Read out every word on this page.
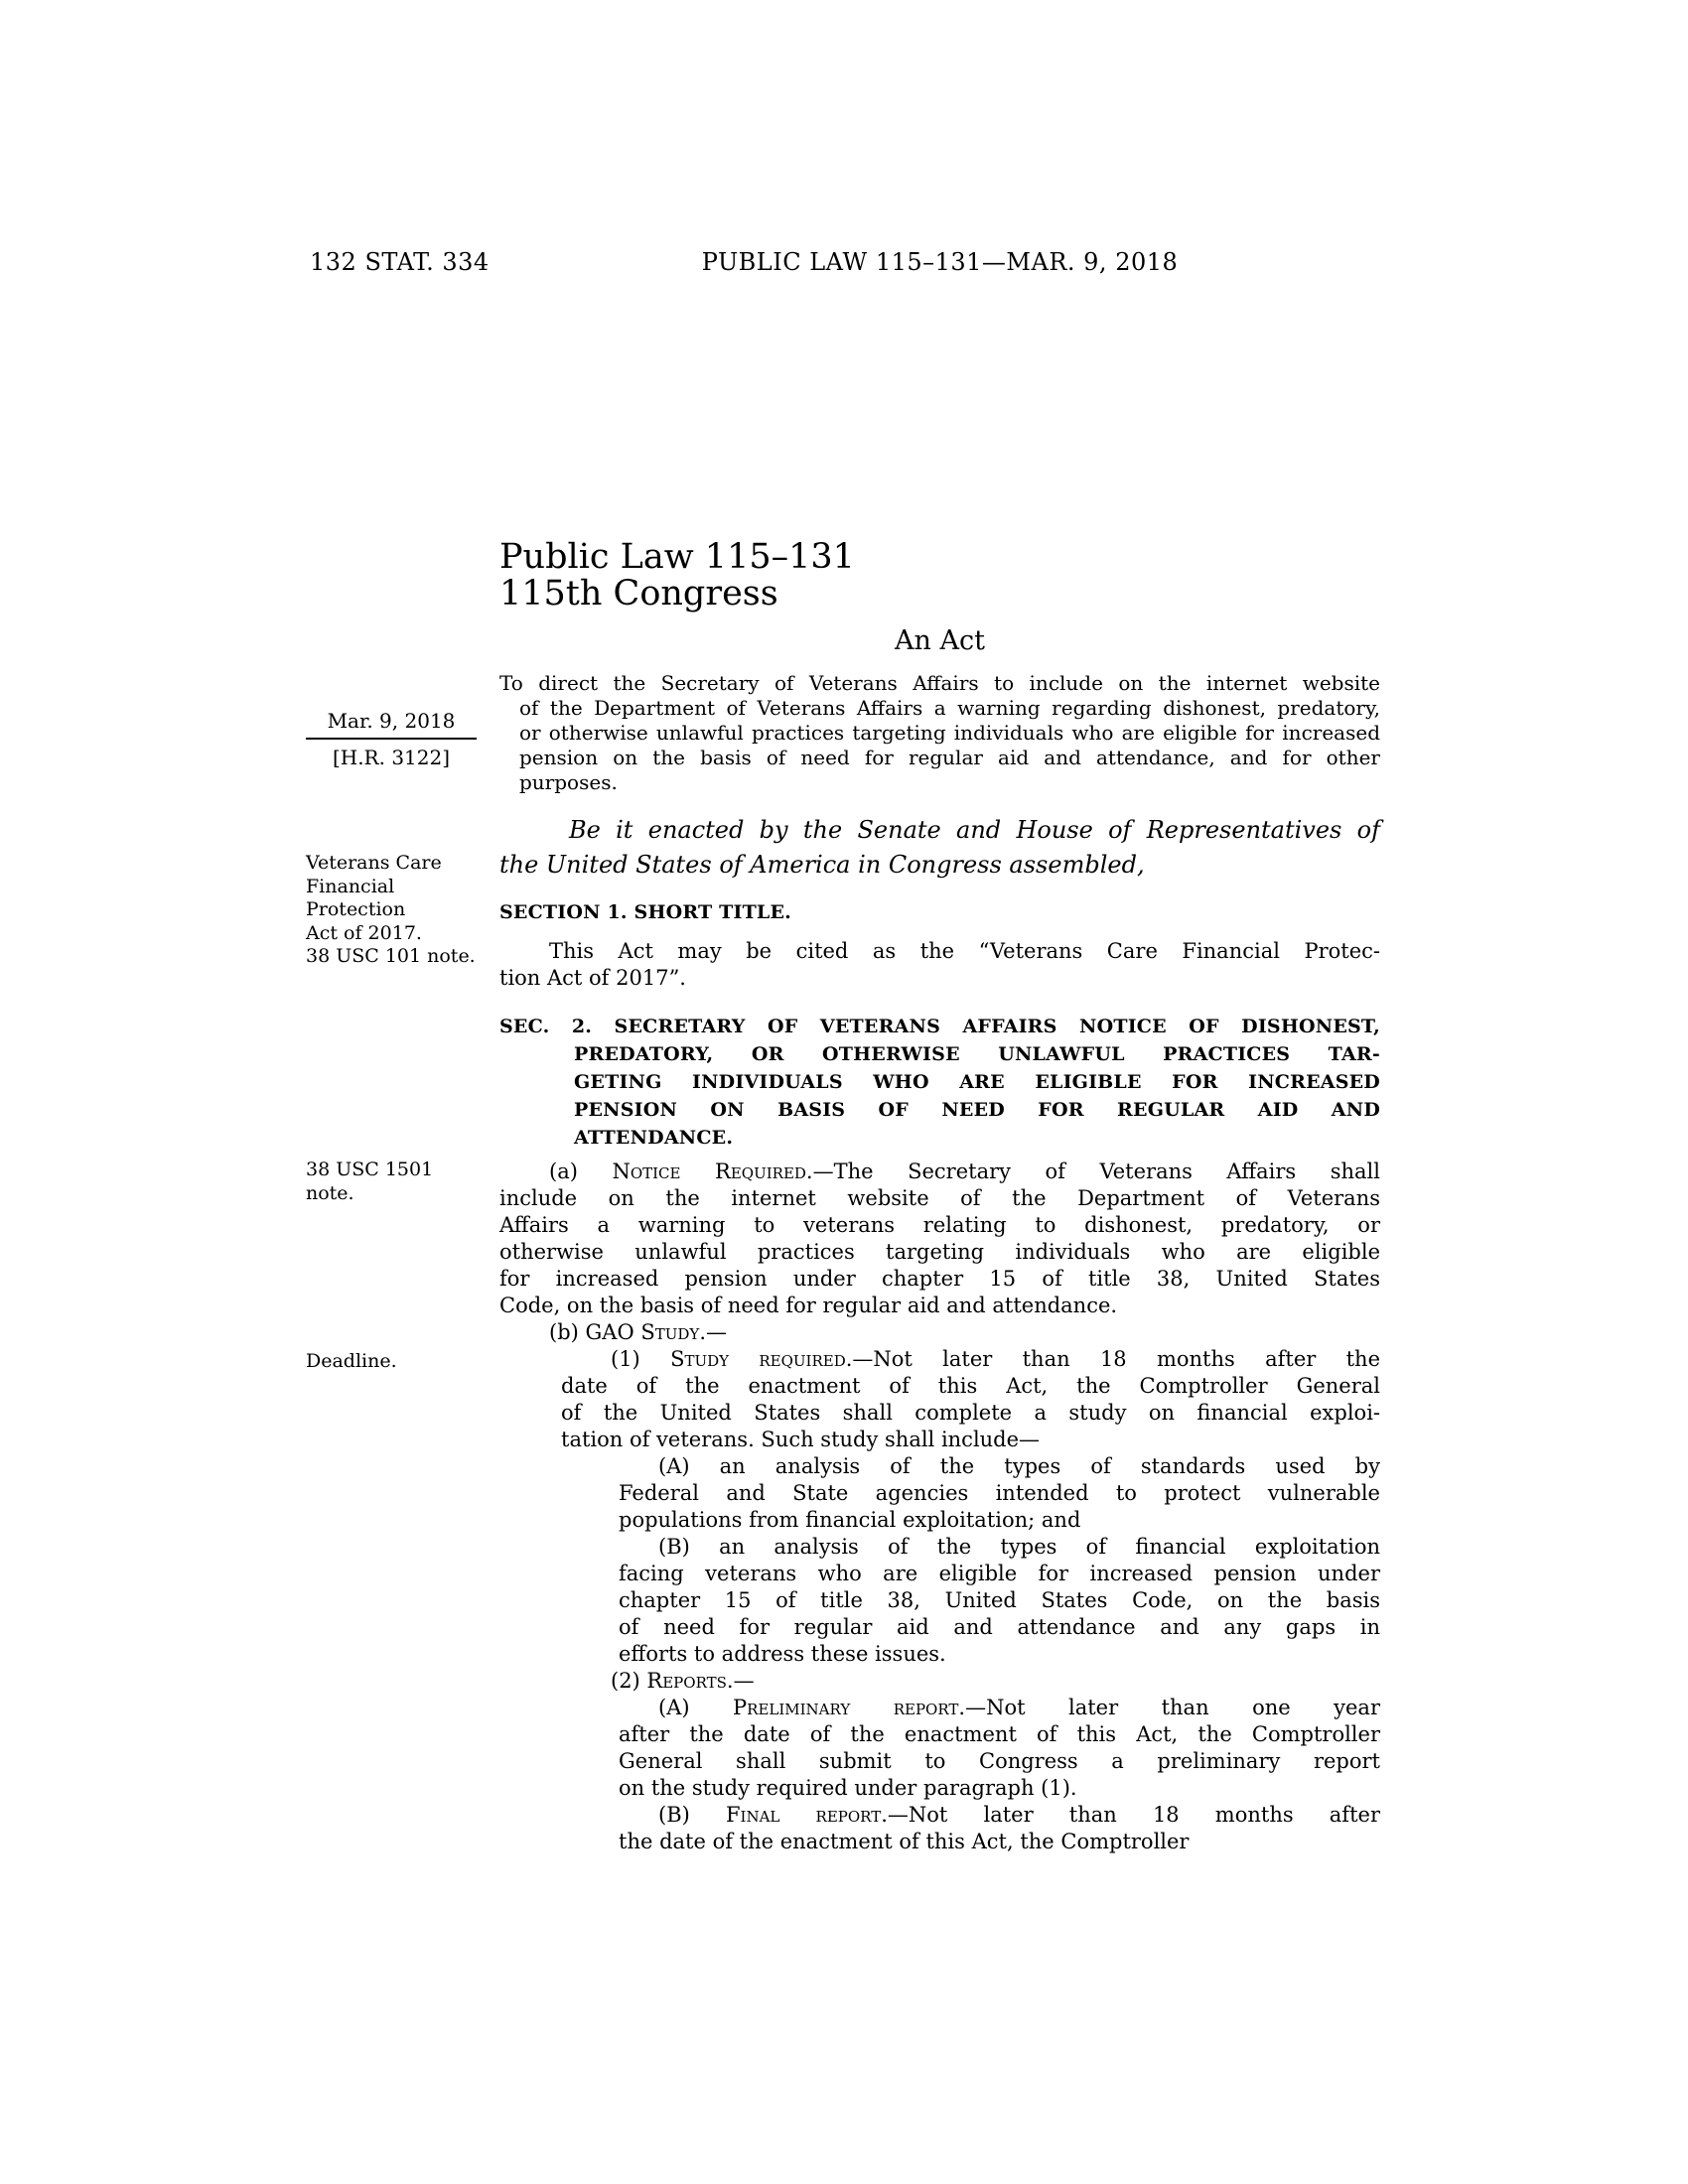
132 STAT. 334	PUBLIC LAW 115–131—MAR. 9, 2018
Mar. 9, 2018
[H.R. 3122]
Veterans Care
Financial
Protection
Act of 2017.
38 USC 101 note.
38 USC 1501
note.
Deadline.
Public Law 115–131
115th Congress
An Act
To direct the Secretary of Veterans Affairs to include on the internet website
of the Department of Veterans Affairs a warning regarding dishonest, predatory,
or otherwise unlawful practices targeting individuals who are eligible for increased
pension on the basis of need for regular aid and attendance, and for other
purposes.
Be it enacted by the Senate and House of Representatives of
the United States of America in Congress assembled,
SECTION 1. SHORT TITLE.
This Act may be cited as the “Veterans Care Financial Protec-
tion Act of 2017”.
SEC. 2. SECRETARY OF VETERANS AFFAIRS NOTICE OF DISHONEST,
PREDATORY, OR OTHERWISE UNLAWFUL PRACTICES TAR-
GETING INDIVIDUALS WHO ARE ELIGIBLE FOR INCREASED
PENSION ON BASIS OF NEED FOR REGULAR AID AND
ATTENDANCE.
(a) Notice Required.—The Secretary of Veterans Affairs shall
include on the internet website of the Department of Veterans
Affairs a warning to veterans relating to dishonest, predatory, or
otherwise unlawful practices targeting individuals who are eligible
for increased pension under chapter 15 of title 38, United States
Code, on the basis of need for regular aid and attendance.
(b) GAO Study.—
(1) Study required.—Not later than 18 months after the
date of the enactment of this Act, the Comptroller General
of the United States shall complete a study on financial exploi-
tation of veterans. Such study shall include—
(A) an analysis of the types of standards used by
Federal and State agencies intended to protect vulnerable
populations from financial exploitation; and
(B) an analysis of the types of financial exploitation
facing veterans who are eligible for increased pension under
chapter 15 of title 38, United States Code, on the basis
of need for regular aid and attendance and any gaps in
efforts to address these issues.
(2) Reports.—
(A) Preliminary report.—Not later than one year
after the date of the enactment of this Act, the Comptroller
General shall submit to Congress a preliminary report
on the study required under paragraph (1).
(B) Final report.—Not later than 18 months after
the date of the enactment of this Act, the Comptroller
